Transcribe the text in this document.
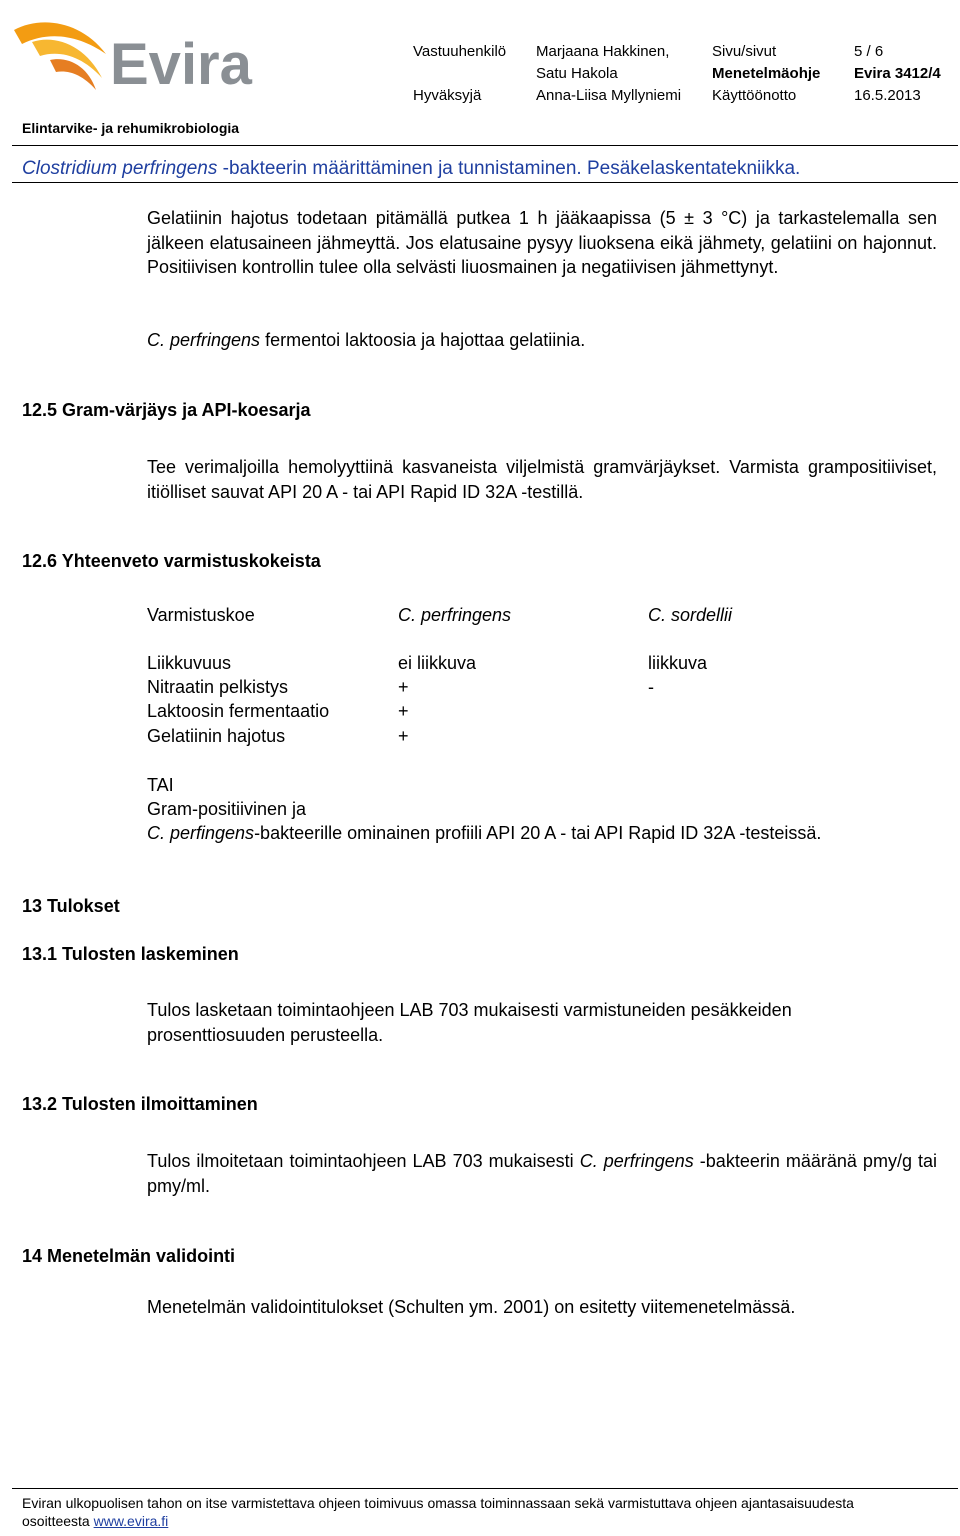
Evira	Vastuuhenkilö Marjaana Hakkinen,	Sivu/sivut	5 / 6
Satu Hakola	Menetelmäohje Evira 3412/4
Hyväksyjä	Anna-Liisa Myllyniemi Käyttöönotto	16.5.2013
Elintarvike- ja rehumikrobiologia
Clostridium perfringens -bakteerin määrittäminen ja tunnistaminen. Pesäkelaskentatekniikka.
Gelatiinin hajotus todetaan pitämällä putkea 1 h jääkaapissa (5 ± 3 °C) ja tarkastelemalla sen jälkeen elatusaineen jähmeyttä. Jos elatusaine pysyy liuoksena eikä jähmety, gelatiini on hajonnut. Positiivisen kontrollin tulee olla selvästi liuosmainen ja negatiivisen jähmettynyt.
C. perfringens fermentoi laktoosia ja hajottaa gelatiinia.
12.5 Gram-värjäys ja API-koesarja
Tee verimaljoilla hemolyyttiinä kasvaneista viljelmistä gramvärjäykset. Varmista grampositiiviset, itiölliset sauvat API 20 A - tai API Rapid ID 32A -testillä.
12.6 Yhteenveto varmistuskokeista
Varmistuskoe	C. perfringens	C. sordellii
Liikkuvuus	ei liikkuva	liikkuva
Nitraatin pelkistys	+	-
Laktoosin fermentaatio	+
Gelatiinin hajotus	+
TAI
Gram-positiivinen ja
C. perfingens-bakteerille ominainen profiili API 20 A - tai API Rapid ID 32A -testeissä.
13 Tulokset
13.1 Tulosten laskeminen
Tulos lasketaan toimintaohjeen LAB 703 mukaisesti varmistuneiden pesäkkeiden prosenttiosuuden perusteella.
13.2 Tulosten ilmoittaminen
Tulos ilmoitetaan toimintaohjeen LAB 703 mukaisesti C. perfringens -bakteerin määränä pmy/g tai pmy/ml.
14 Menetelmän validointi
Menetelmän validointitulokset (Schulten ym. 2001) on esitetty viitemenetelmässä.
Eviran ulkopuolisen tahon on itse varmistettava ohjeen toimivuus omassa toiminnassaan sekä varmistuttava ohjeen ajantasaisuudesta
osoitteesta www.evira.fi
